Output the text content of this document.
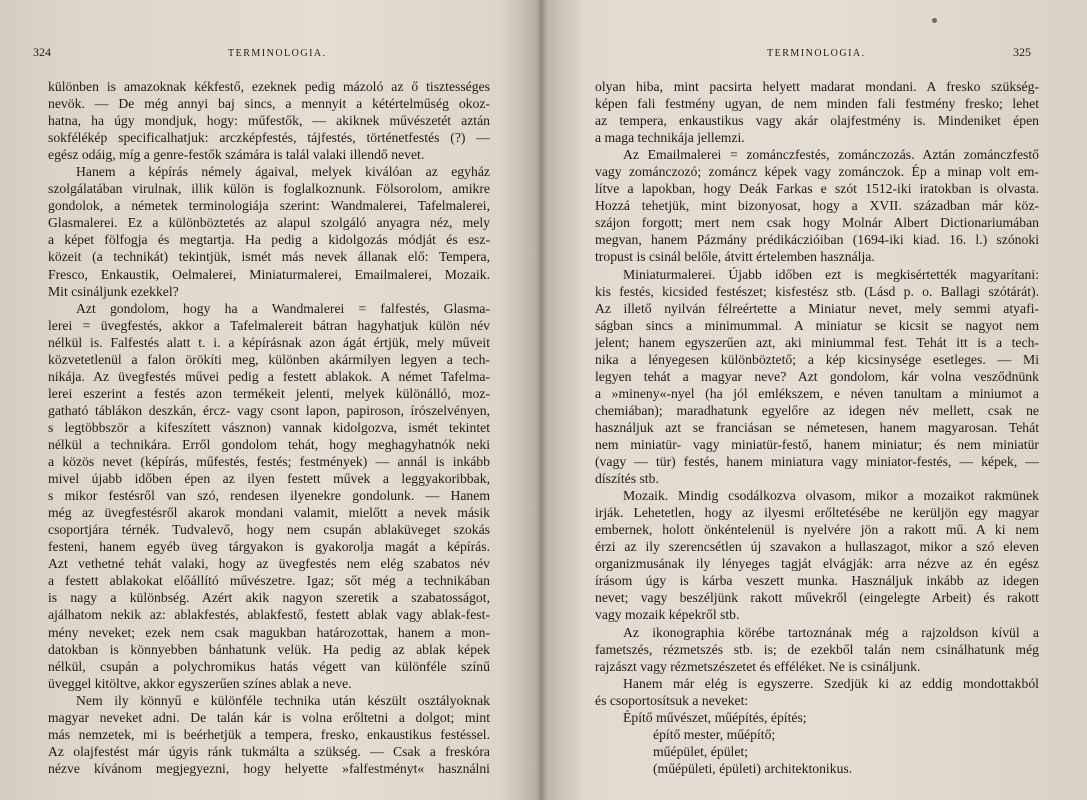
324	TERMINOLOGIA.
különben is amazoknak kékfestő, ezeknek pedig mázoló az ő tisztességes
nevök. — De még annyi baj sincs, a mennyit a kétértelműség okoz-
hatna, ha úgy mondjuk, hogy: műfestők, — akiknek művészetét aztán
sokfélékép specificalhatjuk: arczképfestés, tájfestés, történetfestés (?) —
egész odáig, míg a genre-festők számára is talál valaki illendő nevet.
Hanem a képírás némely ágaival, melyek kiválóan az egyház
szolgálatában virulnak, illik külön is foglalkoznunk. Fölsorolom, amikre
gondolok, a németek terminologiája szerint: Wandmalerei, Tafelmalerei,
Glasmalerei. Ez a különböztetés az alapul szolgáló anyagra néz, mely
a képet fölfogja és megtartja. Ha pedig a kidolgozás módját és esz-
közeit (a technikát) tekintjük, ismét más nevek állanak elő: Tempera,
Fresco, Enkaustik, Oelmalerei, Miniaturmalerei, Emailmalerei, Mozaik.
Mit csináljunk ezekkel?
Azt gondolom, hogy ha a Wandmalerei = falfestés, Glasma-
lerei = üvegfestés, akkor a Tafelmalereit bátran hagyhatjuk külön név
nélkül is. Falfestés alatt t. i. a képírásnak azon ágát értjük, mely műveit
közvetetlenül a falon örökíti meg, különben akármilyen legyen a tech-
nikája. Az üvegfestés művei pedig a festett ablakok. A német Tafelma-
lerei eszerint a festés azon termékeit jelenti, melyek különálló, moz-
gatható táblákon deszkán, ércz- vagy csont lapon, papiroson, írószelvényen,
s legtöbbször a kifeszített vásznon) vannak kidolgozva, ismét tekintet
nélkül a technikára. Erről gondolom tehát, hogy meghagyhatnók neki
a közös nevet (képírás, műfestés, festés; festmények) — annál is inkább
mivel újabb időben épen az ilyen festett művek a leggyakoribbak,
s mikor festésről van szó, rendesen ilyenekre gondolunk. — Hanem
még az üvegfestésről akarok mondani valamit, mielőtt a nevek másik
csoportjára térnék. Tudvalevő, hogy nem csupán ablaküveget szokás
festeni, hanem egyéb üveg tárgyakon is gyakorolja magát a képírás.
Azt vethetné tehát valaki, hogy az üvegfestés nem elég szabatos név
a festett ablakokat előállító művészetre. Igaz; sőt még a technikában
is nagy a különbség. Azért akik nagyon szeretik a szabatosságot,
ajálhatom nekik az: ablakfestés, ablakfestő, festett ablak vagy ablak-fest-
mény neveket; ezek nem csak magukban határozottak, hanem a mon-
datokban is könnyebben bánhatunk velük. Ha pedig az ablak képek
nélkül, csupán a polychromikus hatás végett van különféle színű
üveggel kitöltve, akkor egyszerűen színes ablak a neve.
Nem ily könnyű e különféle technika után készült osztályoknak
magyar neveket adni. De talán kár is volna erőltetni a dolgot; mint
más nemzetek, mi is beérhetjük a tempera, fresko, enkaustikus festéssel.
Az olajfestést már úgyis ránk tukmálta a szükség. — Csak a freskóra
nézve kívánom megjegyezni, hogy helyette »falfestményt« használni
TERMINOLOGIA.	325
olyan hiba, mint pacsirta helyett madarat mondani. A fresko szükség-
képen fali festmény ugyan, de nem minden fali festmény fresko; lehet
az tempera, enkaustikus vagy akár olajfestmény is. Mindeniket épen
a maga technikája jellemzi.
Az Emailmalerei = zománczfestés, zománczozás. Aztán zománczfestő
vagy zománczozó; zománcz képek vagy zománczok. Ép a minap volt em-
lítve a lapokban, hogy Deák Farkas e szót 1512-iki iratokban is olvasta.
Hozzá tehetjük, mint bizonyosat, hogy a XVII. században már köz-
szájon forgott; mert nem csak hogy Molnár Albert Dictionariumában
megvan, hanem Pázmány prédikáczióiban (1694-iki kiad. 16. l.) szónoki
tropust is csinál belőle, átvitt értelemben használja.
Miniaturmalerei. Újabb időben ezt is megkisértették magyarítani:
kis festés, kicsided festészet; kisfestész stb. (Lásd p. o. Ballagi szótárát).
Az illető nyilván félreértette a Miniatur nevet, mely semmi atyafi-
ságban sincs a minimummal. A miniatur se kicsit se nagyot nem
jelent; hanem egyszerűen azt, aki miniummal fest. Tehát itt is a tech-
nika a lényegesen különböztető; a kép kicsinysége esetleges. — Mi
legyen tehát a magyar neve? Azt gondolom, kár volna vesződnünk
a »mineny«-nyel (ha jól emlékszem, e néven tanultam a miniumot a
chemiában); maradhatunk egyelőre az idegen név mellett, csak ne
használjuk azt se franciásan se németesen, hanem magyarosan. Tehát
nem miniatür- vagy miniatür-festő, hanem miniatur; és nem miniatür
(vagy — tür) festés, hanem miniatura vagy miniator-festés, — képek, —
díszítés stb.
Mozaik. Mindig csodálkozva olvasom, mikor a mozaikot rakmünek
irják. Lehetetlen, hogy az ilyesmi erőltetésébe ne kerüljön egy magyar
embernek, holott önkéntelenül is nyelvére jön a rakott mű. A ki nem
érzi az ily szerencsétlen új szavakon a hullaszagot, mikor a szó eleven
organizmusának ily lényeges tagját elvágják: arra nézve az én egész
írásom úgy is kárba veszett munka. Használjuk inkább az idegen
nevet; vagy beszéljünk rakott művekről (eingelegte Arbeit) és rakott
vagy mozaik képekről stb.
Az ikonographia körébe tartoznának még a rajzoldson kívül a
fametszés, rézmetszés stb. is; de ezekből talán nem csinálhatunk még
rajzászt vagy rézmetszészetet és efféléket. Ne is csináljunk.
Hanem már elég is egyszerre. Szedjük ki az eddig mondottakból
és csoportosítsuk a neveket:
Építő művészet, műépítés, építés;
építő mester, műépítő;
műépület, épület;
(műépületi, épületi) architektonikus.
